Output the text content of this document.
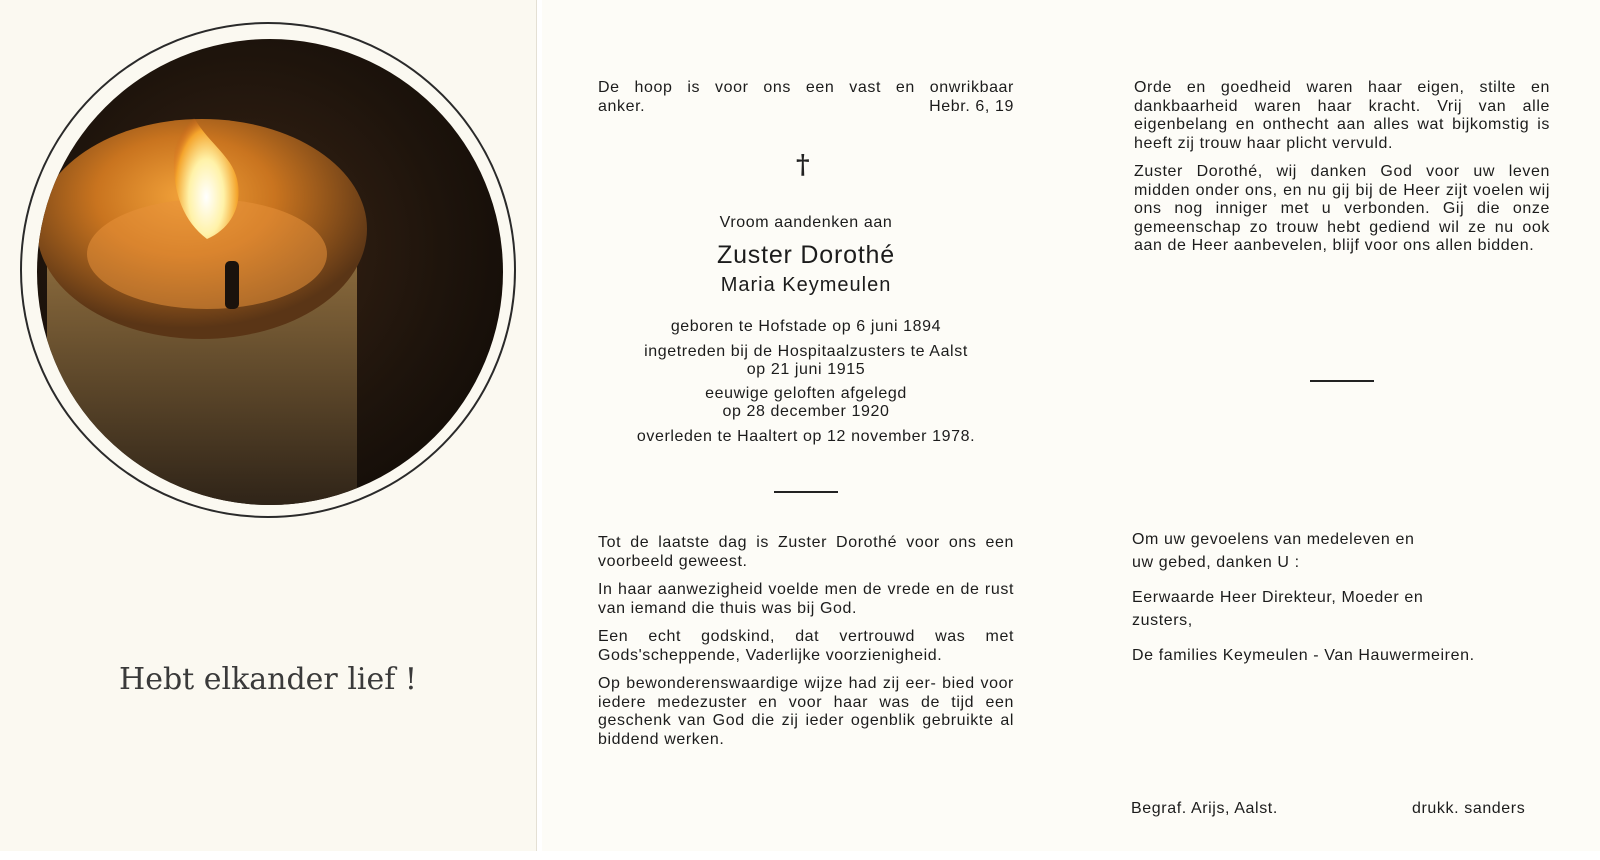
Hebt elkander lief !
De hoop is voor ons een vast en onwrikbaar
anker.	Hebr. 6, 19
†
Vroom aandenken aan
Zuster Dorothé
Maria Keymeulen
geboren te Hofstade op 6 juni 1894
ingetreden bij de Hospitaalzusters te Aalst
op 21 juni 1915
eeuwige geloften afgelegd
op 28 december 1920
overleden te Haaltert op 12 november 1978.

Tot de laatste dag is Zuster Dorothé voor ons een voorbeeld geweest.

In haar aanwezigheid voelde men de vrede en de rust van iemand die thuis was bij God.

Een echt godskind, dat vertrouwd was met Gods'scheppende, Vaderlijke voorzienigheid.

Op bewonderenswaardige wijze had zij eer- bied voor iedere medezuster en voor haar was de tijd een geschenk van God die zij ieder ogenblik gebruikte al biddend werken.

Orde en goedheid waren haar eigen, stilte en dankbaarheid waren haar kracht. Vrij van alle eigenbelang en onthecht aan alles wat bijkomstig is heeft zij trouw haar plicht vervuld.

Zuster Dorothé, wij danken God voor uw leven midden onder ons, en nu gij bij de Heer zijt voelen wij ons nog inniger met u verbonden. Gij die onze gemeenschap zo trouw hebt gediend wil ze nu ook aan de Heer aanbevelen, blijf voor ons allen bidden.

Om uw gevoelens van medeleven en
uw gebed, danken U :
Eerwaarde Heer Direkteur, Moeder en
zusters,
De families Keymeulen - Van Hauwermeiren.
Begraf. Arijs, Aalst.	drukk. sanders
